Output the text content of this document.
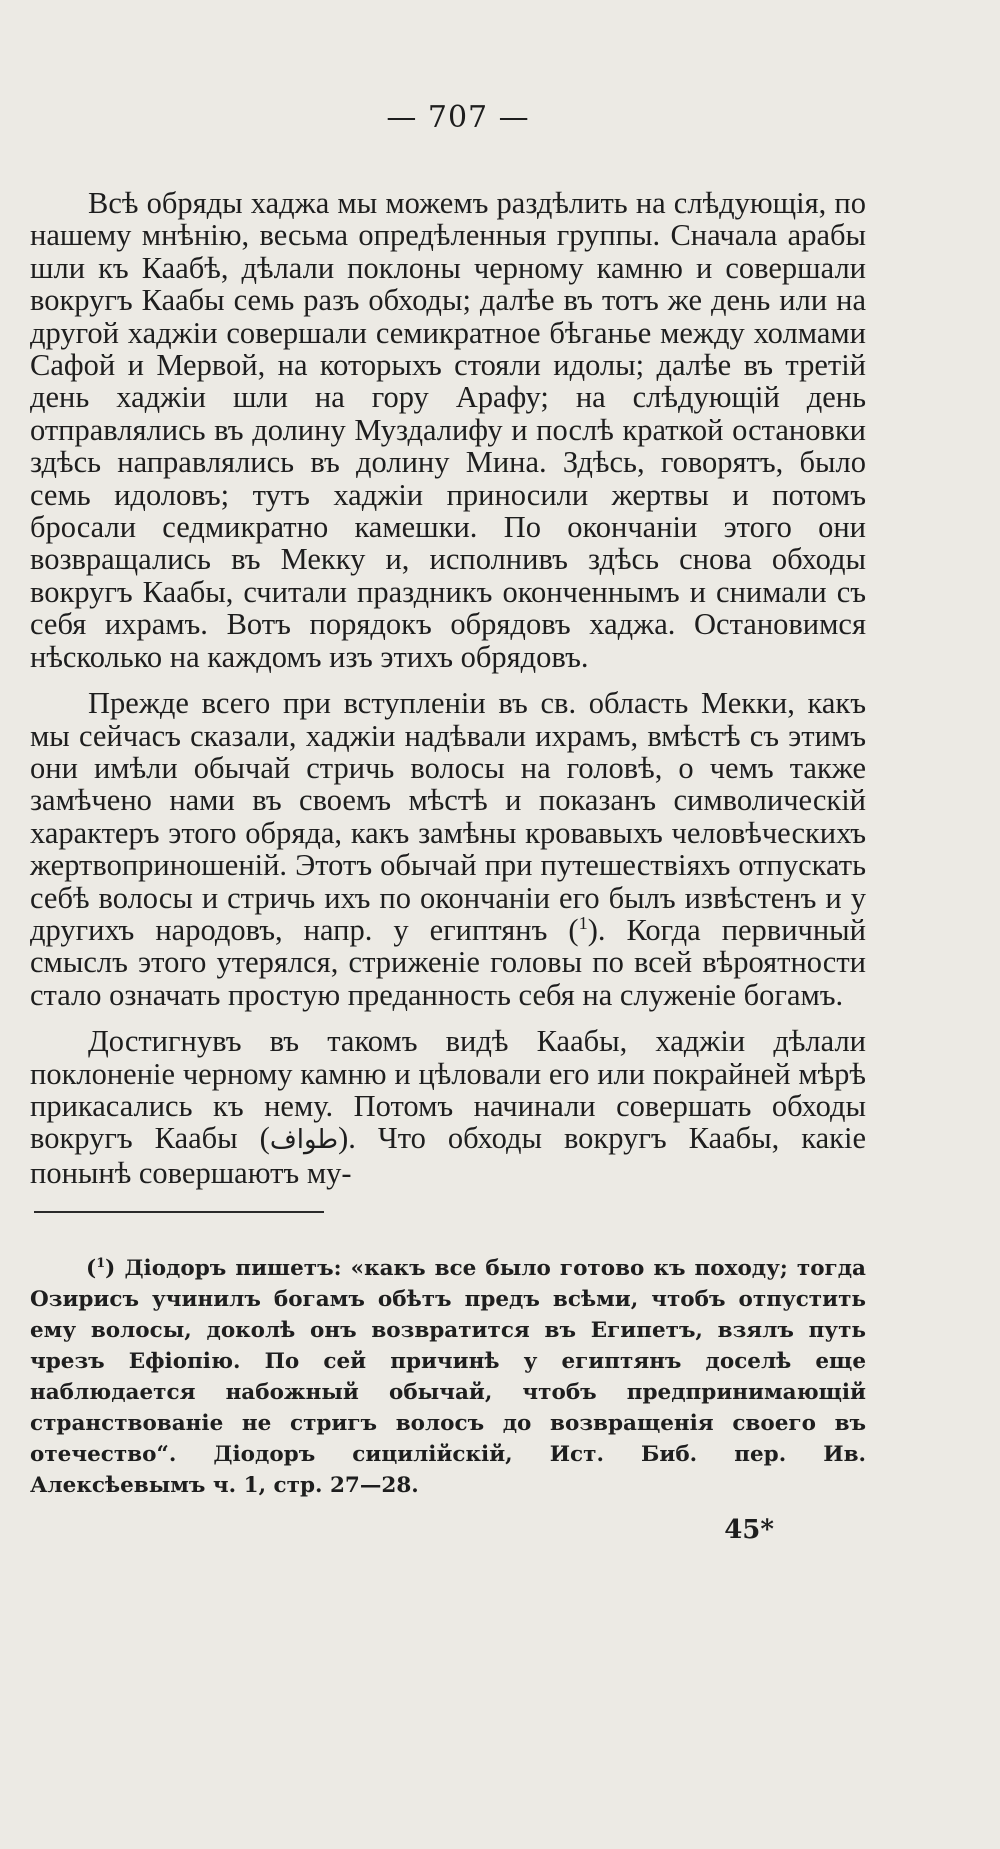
— 707 —

Всѣ обряды хаджа мы можемъ раздѣлить на слѣдующія, по нашему мнѣнію, весьма опредѣленныя группы. Сначала арабы шли къ Каабѣ, дѣлали поклоны черному камню и совершали вокругъ Каабы семь разъ обходы; далѣе въ тотъ же день или на другой хаджіи совершали семикратное бѣганье между холмами Сафой и Мервой, на которыхъ стояли идолы; далѣе въ третій день хаджіи шли на гору Арафу; на слѣдующій день отправлялись въ долину Муздалифу и послѣ краткой остановки здѣсь направлялись въ долину Мина. Здѣсь, говорятъ, было семь идоловъ; тутъ хаджіи приносили жертвы и потомъ бросали седмикратно камешки. По окончаніи этого они возвращались въ Мекку и, исполнивъ здѣсь снова обходы вокругъ Каабы, считали праздникъ оконченнымъ и снимали съ себя ихрамъ. Вотъ порядокъ обрядовъ хаджа. Остановимся нѣсколько на каждомъ изъ этихъ обрядовъ.

Прежде всего при вступленіи въ св. область Мекки, какъ мы сейчасъ сказали, хаджіи надѣвали ихрамъ, вмѣстѣ съ этимъ они имѣли обычай стричь волосы на головѣ, о чемъ также замѣчено нами въ своемъ мѣстѣ и показанъ символическій характеръ этого обряда, какъ замѣны кровавыхъ человѣческихъ жертвоприношеній. Этотъ обычай при путешествіяхъ отпускать себѣ волосы и стричь ихъ по окончаніи его былъ извѣстенъ и у другихъ народовъ, напр. у египтянъ ($^1$). Когда первичный смыслъ этого утерялся, стриженіе головы по всей вѣроятности стало означать простую преданность себя на служеніе богамъ.

Достигнувъ въ такомъ видѣ Каабы, хаджіи дѣлали поклоненіе черному камню и цѣловали его или покрайней мѣрѣ прикасались къ нему. Потомъ начинали совершать обходы вокругъ Каабы (طواف). Что обходы вокругъ Каабы, какіе понынѣ совершаютъ му-

($^1$) Діодоръ пишетъ: «какъ все было готово къ походу; тогда Озирисъ учинилъ богамъ обѣтъ предъ всѣми, чтобъ отпустить ему волосы, доколѣ онъ возвратится въ Египетъ, взялъ путь чрезъ Ефіопію. По сей причинѣ у египтянъ доселѣ еще наблюдается набожный обычай, чтобъ предпринимающій странствованіе не стригъ волосъ до возвращенія своего въ отечество“. Діодоръ сицилійскій, Ист. Биб. пер. Ив. Алексѣевымъ ч. 1, стр. 27—28.

45*
